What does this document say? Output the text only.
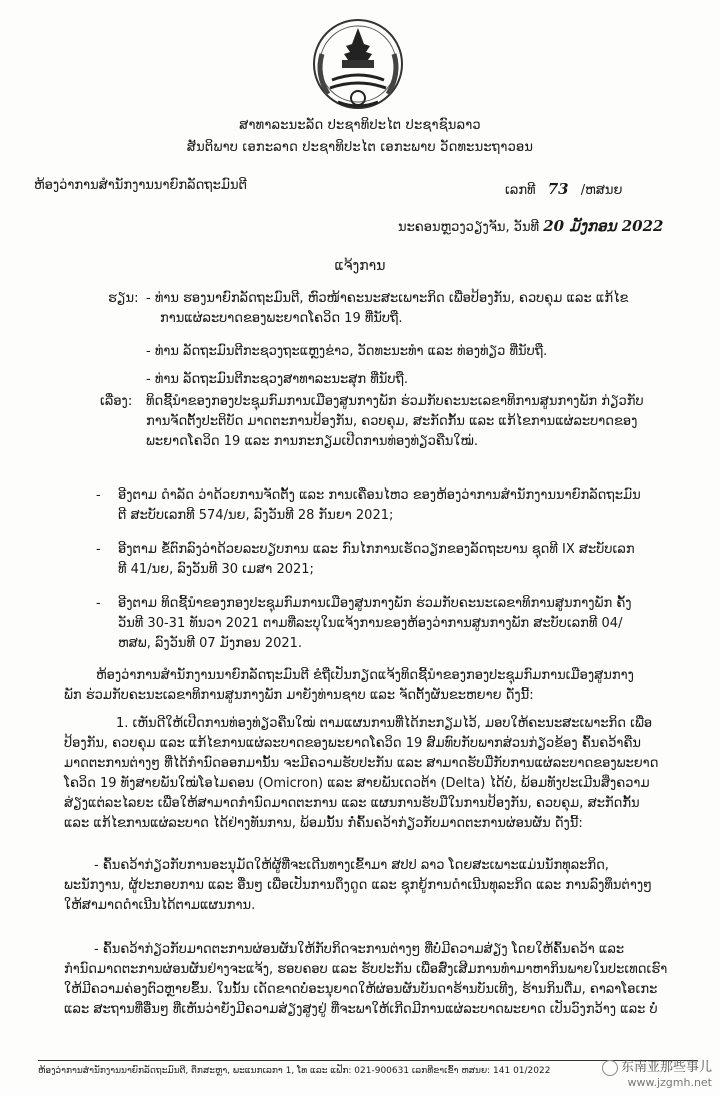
ສາທາລະນະລັດ ປະຊາທິປະໄຕ ປະຊາຊົນລາວ
ສັນຕິພາບ ເອກະລາດ ປະຊາທິປະໄຕ ເອກະພາບ ວັດທະນະຖາວອນ
ຫ້ອງວ່າການສໍານັກງານນາຍົກລັດຖະມົນຕີ	ເລກທີ 73 /ຫສນຍ
ນະຄອນຫຼວງວຽງຈັນ, ວັນທີ 20 ມັງກອນ 2022
ແຈ້ງການ
ຮຽນ: - ທ່ານ ຮອງນາຍົກລັດຖະມົນຕີ, ຫົວໜ້າຄະນະສະເພາະກິດ ເພື່ອປ້ອງກັນ, ຄວບຄຸມ ແລະ ແກ້ໄຂ
ການແຜ່ລະບາດຂອງພະຍາດໂຄວິດ 19 ທີ່ນັບຖື.
- ທ່ານ ລັດຖະມົນຕີກະຊວງຖະແຫຼງຂ່າວ, ວັດທະນະທໍາ ແລະ ທ່ອງທ່ຽວ ທີ່ນັບຖື.
- ທ່ານ ລັດຖະມົນຕີກະຊວງສາທາລະນະສຸກ ທີ່ນັບຖື.
ເລື່ອງ: ທິດຊີ້ນໍາຂອງກອງປະຊຸມກົມການເມືອງສູນກາງພັກ ຮ່ວມກັບຄະນະເລຂາທິການສູນກາງພັກ ກ່ຽວກັບ
ການຈັດຕັ້ງປະຕິບັດ ມາດຕະການປ້ອງກັນ, ຄວບຄຸມ, ສະກັດກັ້ນ ແລະ ແກ້ໄຂການແຜ່ລະບາດຂອງ
ພະຍາດໂຄວິດ 19 ແລະ ການກະກຽມເປີດການທ່ອງທ່ຽວຄືນໃໝ່.
- ອີງຕາມ ດໍາລັດ ວ່າດ້ວຍການຈັດຕັ້ງ ແລະ ການເຄື່ອນໄຫວ ຂອງຫ້ອງວ່າການສໍານັກງານນາຍົກລັດຖະມົນ
ຕີ ສະບັບເລກທີ 574/ນຍ, ລົງວັນທີ 28 ກັນຍາ 2021;
- ອີງຕາມ ຂໍ້ຕົກລົງວ່າດ້ວຍລະບຽບການ ແລະ ກົນໄກການເຮັດວຽກຂອງລັດຖະບານ ຊຸດທີ IX ສະບັບເລກ
ທີ 41/ນຍ, ລົງວັນທີ 30 ເມສາ 2021;
- ອີງຕາມ ທິດຊີ້ນໍາຂອງກອງປະຊຸມກົມການເມືອງສູນກາງພັກ ຮ່ວມກັບຄະນະເລຂາທິການສູນກາງພັກ ຄັ້ງ
ວັນທີ 30-31 ທັນວາ 2021 ຕາມທີ່ລະບຸໃນແຈ້ງການຂອງຫ້ອງວ່າການສູນກາງພັກ ສະບັບເລກທີ 04/
ຫສພ, ລົງວັນທີ 07 ມັງກອນ 2021.
ຫ້ອງວ່າການສໍານັກງານນາຍົກລັດຖະມົນຕີ ຂໍຖືເປັນກຽດແຈ້ງທິດຊີ້ນໍາຂອງກອງປະຊຸມກົມການເມືອງສູນກາງ
ພັກ ຮ່ວມກັບຄະນະເລຂາທິການສູນກາງພັກ ມາຍັງທ່ານຊາບ ແລະ ຈັດຕັ້ງຜັນຂະຫຍາຍ ດັ່ງນີ້:
1. ເຫັນດີໃຫ້ເປີດການທ່ອງທ່ຽວຄືນໃໝ່ ຕາມແຜນການທີ່ໄດ້ກະກຽມໄວ້, ມອບໃຫ້ຄະນະສະເພາະກິດ ເພື່ອ
ປ້ອງກັນ, ຄວບຄຸມ ແລະ ແກ້ໄຂການແຜ່ລະບາດຂອງພະຍາດໂຄວິດ 19 ສົມທົບກັບພາກສ່ວນກ່ຽວຂ້ອງ ຄົ້ນຄວ້າຄືນ
ມາດຕະການຕ່າງໆ ທີ່ໄດ້ກໍານົດອອກມານັ້ນ ຈະມີຄວາມຮັບປະກັນ ແລະ ສາມາດຮັບມືກັບການແຜ່ລະບາດຂອງພະຍາດ
ໂຄວິດ 19 ທັງສາຍພັນໃໝ່ໂອໄມຄອນ (Omicron) ແລະ ສາຍພັນເດວຕ້າ (Delta) ໄດ້ບໍ່, ພ້ອມທັງປະເມີນສິ່ງຄວາມ
ສ່ຽງແຕ່ລະໄລຍະ ເພື່ອໃຫ້ສາມາດກໍານົດມາດຕະການ ແລະ ແຜນການຮັບມືໃນການປ້ອງກັນ, ຄວບຄຸມ, ສະກັດກັ້ນ
ແລະ ແກ້ໄຂການແຜ່ລະບາດ ໄດ້ຢ່າງທັນການ, ພ້ອມນັ້ນ ກໍ່ຄົ້ນຄວ້າກ່ຽວກັບມາດຕະການຜ່ອນຜັນ ດັ່ງນີ້:
- ຄົ້ນຄວ້າກ່ຽວກັບການອະນຸມັດໃຫ້ຜູ້ທີ່ຈະເດີນທາງເຂົ້າມາ ສປປ ລາວ ໂດຍສະເພາະແມ່ນນັກທຸລະກິດ,
ພະນັກງານ, ຜູ້ປະກອບການ ແລະ ອື່ນໆ ເພື່ອເປັນການດຶງດູດ ແລະ ຊຸກຍູ້ການດໍາເນີນທຸລະກິດ ແລະ ການລົງທຶນຕ່າງໆ
ໃຫ້ສາມາດດໍາເນີນໄດ້ຕາມແຜນການ.
- ຄົ້ນຄວ້າກ່ຽວກັບມາດຕະການຜ່ອນຜັນໃຫ້ກັບກິດຈະການຕ່າງໆ ທີ່ບໍ່ມີຄວາມສ່ຽງ ໂດຍໃຫ້ຄົ້ນຄວ້າ ແລະ
ກໍານົດມາດຕະການຜ່ອນຜັນຢ່າງຈະແຈ້ງ, ຮອບຄອບ ແລະ ຮັບປະກັນ ເພື່ອສົ່ງເສີມການທໍາມາຫາກິນພາຍໃນປະເທດເຮົາ
ໃຫ້ມີຄວາມຄ່ອງຕົວຫຼາຍຂຶ້ນ. ໃນນັ້ນ ເດັດຂາດບໍ່ອະນຸຍາດໃຫ້ຜ່ອນຜັນບັນດາຮ້ານບັນເທີງ, ຮ້ານກິນດື່ມ, ຄາລາໂອເກະ
ແລະ ສະຖານທີ່ອື່ນໆ ທີ່ເຫັນວ່າຍັງມີຄວາມສ່ຽງສູງຢູ່ ທີ່ຈະພາໃຫ້ເກີດມີການແຜ່ລະບາດພະຍາດ ເປັນວົງກວ້າງ ແລະ ບໍ່
ຫ້ອງວ່າການສໍານັກງານນາຍົກລັດຖະມົນຕີ, ຕຶກສະຫຼາ, ພະແນກເລກາ 1, ໂທ ແລະ ແຟັກ: 021-900631 ເລກທີຂາເຂົ້າ ຫສນຍ: 141 01/2022	东南亚那些事儿
www.jzgmh.net
